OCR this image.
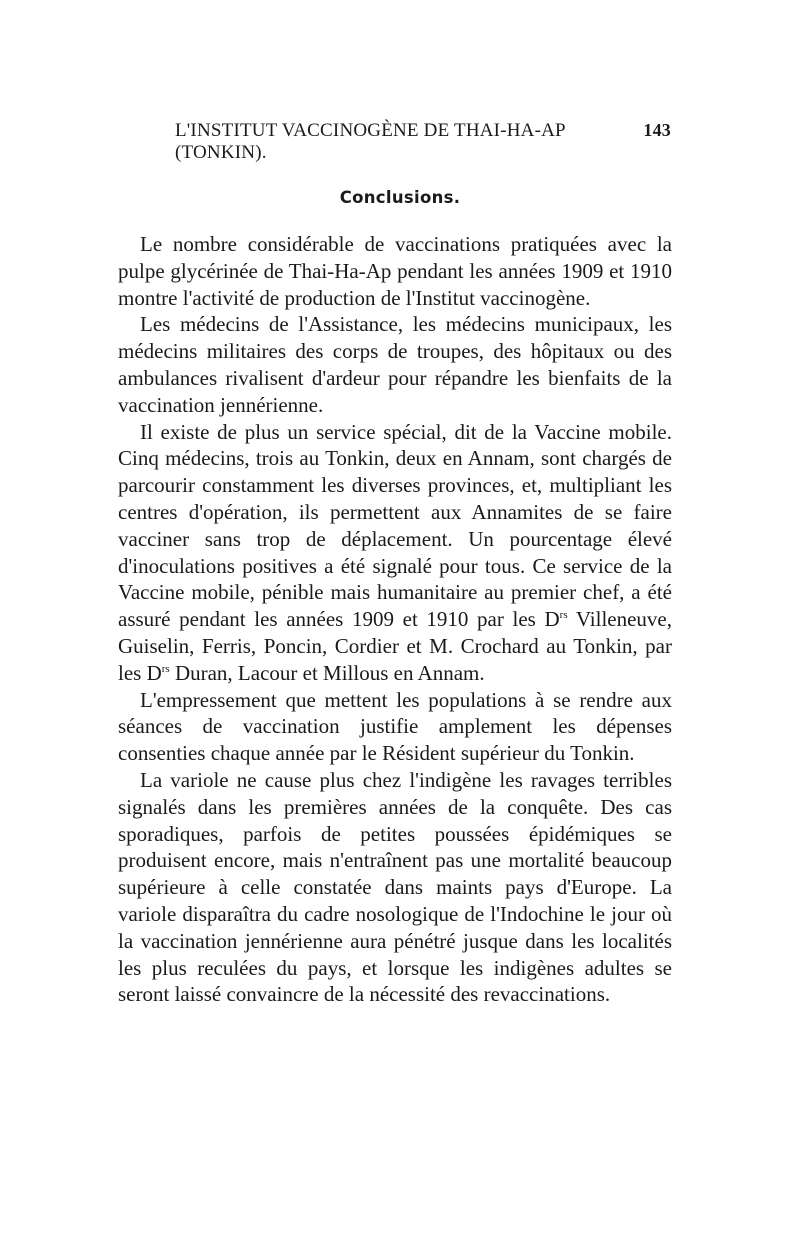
L'INSTITUT VACCINOGÈNE DE THAI-HA-AP (TONKIN).
143
Conclusions.

Le nombre considérable de vaccinations pratiquées avec la pulpe glycérinée de Thai-Ha-Ap pendant les années 1909 et 1910 montre l'activité de production de l'Institut vaccinogène.

Les médecins de l'Assistance, les médecins municipaux, les médecins militaires des corps de troupes, des hôpitaux ou des ambulances rivalisent d'ardeur pour répandre les bienfaits de la vaccination jennérienne.

Il existe de plus un service spécial, dit de la Vaccine mobile. Cinq médecins, trois au Tonkin, deux en Annam, sont chargés de parcourir constamment les diverses provinces, et, multipliant les centres d'opération, ils permettent aux Annamites de se faire vacciner sans trop de déplacement. Un pourcentage élevé d'inoculations positives a été signalé pour tous. Ce service de la Vaccine mobile, pénible mais humanitaire au premier chef, a été assuré pendant les années 1909 et 1910 par les $D^{rs}$ Villeneuve, Guiselin, Ferris, Poncin, Cordier et M. Crochard au Tonkin, par les $D^{rs}$ Duran, Lacour et Millous en Annam.

L'empressement que mettent les populations à se rendre aux séances de vaccination justifie amplement les dépenses consenties chaque année par le Résident supérieur du Tonkin.

La variole ne cause plus chez l'indigène les ravages terribles signalés dans les premières années de la conquête. Des cas sporadiques, parfois de petites poussées épidémiques se produisent encore, mais n'entraînent pas une mortalité beaucoup supérieure à celle constatée dans maints pays d'Europe. La variole disparaîtra du cadre nosologique de l'Indochine le jour où la vaccination jennérienne aura pénétré jusque dans les localités les plus reculées du pays, et lorsque les indigènes adultes se seront laissé convaincre de la nécessité des revaccinations.
